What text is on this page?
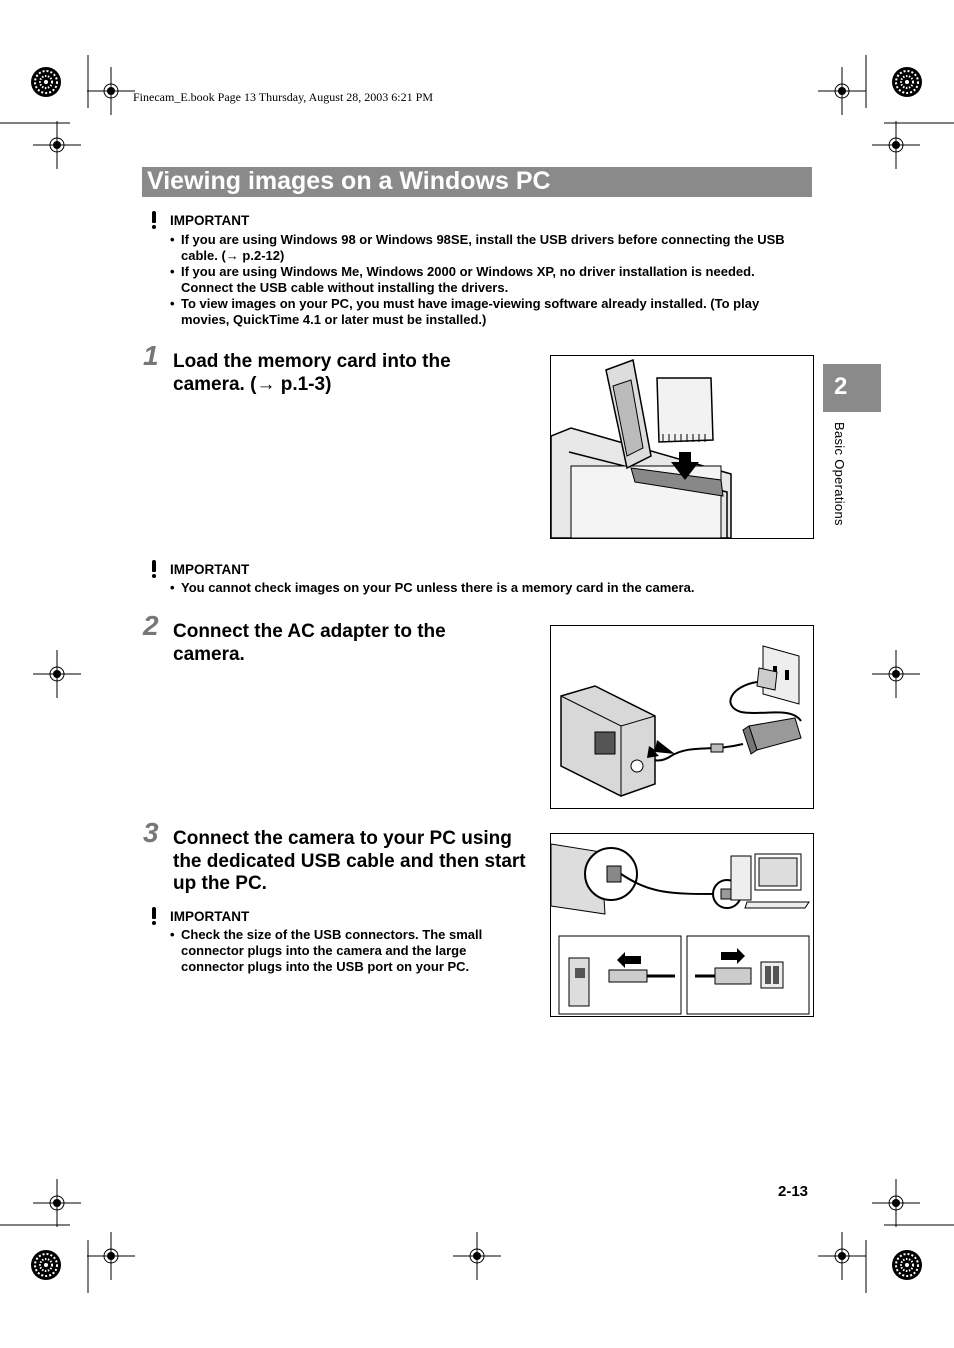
Finecam_E.book Page 13 Thursday, August 28, 2003 6:21 PM
Viewing images on a Windows PC
IMPORTANT
• If you are using Windows 98 or Windows 98SE, install the USB drivers before connecting the USB cable. (→ p.2-12)
• If you are using Windows Me, Windows 2000 or Windows XP, no driver installation is needed. Connect the USB cable without installing the drivers.
• To view images on your PC, you must have image-viewing software already installed. (To play movies, QuickTime 4.1 or later must be installed.)
1 Load the memory card into the camera. (→ p.1-3)	2
Basic Operations
IMPORTANT
• You cannot check images on your PC unless there is a memory card in the camera.
2 Connect the AC adapter to the camera.
3 Connect the camera to your PC using the dedicated USB cable and then start up the PC.
IMPORTANT
• Check the size of the USB connectors. The small connector plugs into the camera and the large connector plugs into the USB port on your PC.
2-13
